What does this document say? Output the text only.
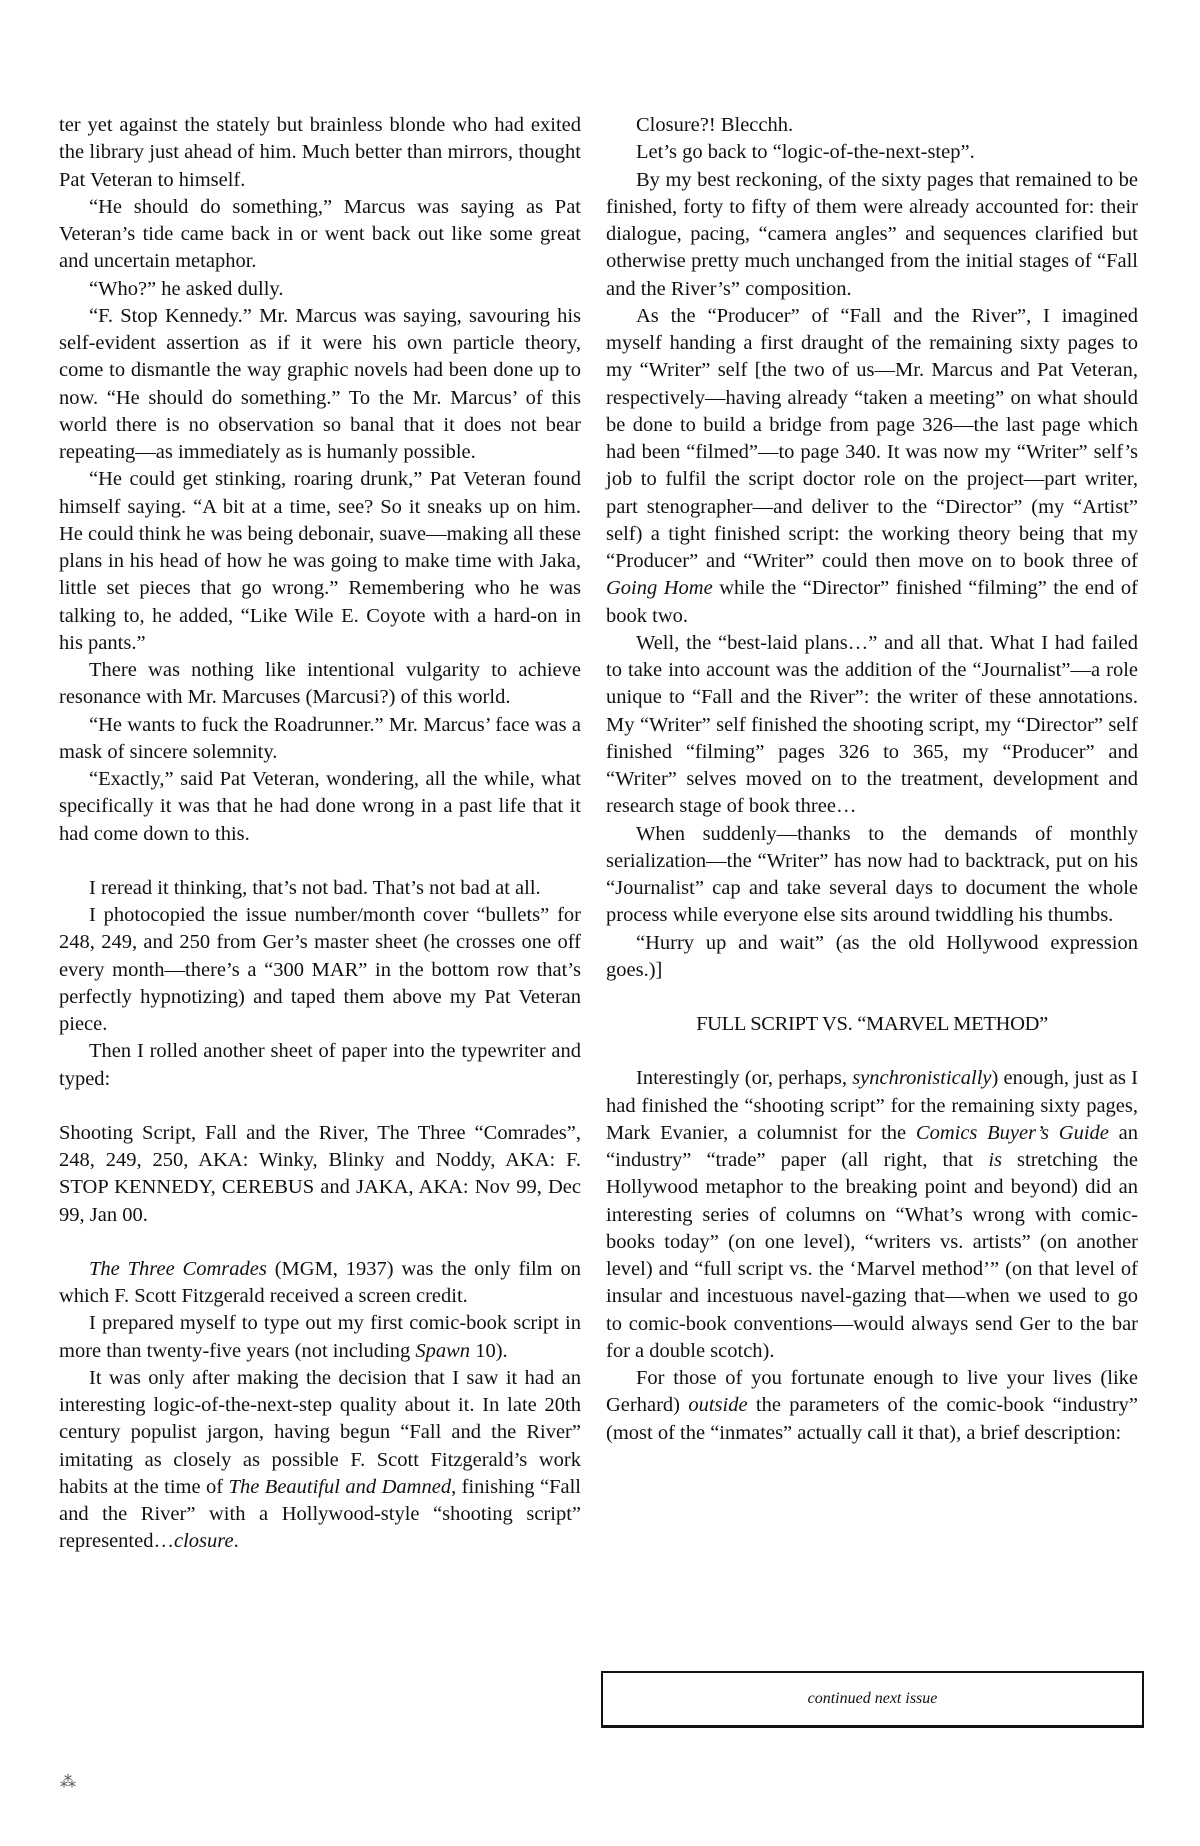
ter yet against the stately but brainless blonde who had exited the library just ahead of him. Much better than mirrors, thought Pat Veteran to himself.

“He should do something,” Marcus was saying as Pat Veteran’s tide came back in or went back out like some great and uncertain metaphor.

“Who?” he asked dully.

“F. Stop Kennedy.” Mr. Marcus was saying, savouring his self-evident assertion as if it were his own particle theory, come to dismantle the way graphic novels had been done up to now. “He should do something.” To the Mr. Marcus’ of this world there is no observation so banal that it does not bear repeating—as immediately as is humanly possible.

“He could get stinking, roaring drunk,” Pat Veteran found himself saying. “A bit at a time, see? So it sneaks up on him. He could think he was being debonair, suave—making all these plans in his head of how he was going to make time with Jaka, little set pieces that go wrong.” Remembering who he was talking to, he added, “Like Wile E. Coyote with a hard-on in his pants.”

There was nothing like intentional vulgarity to achieve resonance with Mr. Marcuses (Marcusi?) of this world.

“He wants to fuck the Roadrunner.” Mr. Marcus’ face was a mask of sincere solemnity.

“Exactly,” said Pat Veteran, wondering, all the while, what specifically it was that he had done wrong in a past life that it had come down to this.

I reread it thinking, that’s not bad. That’s not bad at all.

I photocopied the issue number/month cover “bullets” for 248, 249, and 250 from Ger’s master sheet (he crosses one off every month—there’s a “300 MAR” in the bottom row that’s perfectly hypnotizing) and taped them above my Pat Veteran piece.

Then I rolled another sheet of paper into the typewriter and typed:

Shooting Script, Fall and the River, The Three “Comrades”, 248, 249, 250, AKA: Winky, Blinky and Noddy, AKA: F. STOP KENNEDY, CEREBUS and JAKA, AKA: Nov 99, Dec 99, Jan 00.

The Three Comrades (MGM, 1937) was the only film on which F. Scott Fitzgerald received a screen credit.

I prepared myself to type out my first comic-book script in more than twenty-five years (not including Spawn 10).

It was only after making the decision that I saw it had an interesting logic-of-the-next-step quality about it. In late 20th century populist jargon, having begun “Fall and the River” imitating as closely as possible F. Scott Fitzgerald’s work habits at the time of The Beautiful and Damned, finishing “Fall and the River” with a Hollywood-style “shooting script” represented…closure.

Closure?! Blecchh.

Let’s go back to “logic-of-the-next-step”.

By my best reckoning, of the sixty pages that remained to be finished, forty to fifty of them were already accounted for: their dialogue, pacing, “camera angles” and sequences clarified but otherwise pretty much unchanged from the initial stages of “Fall and the River’s” composition.

As the “Producer” of “Fall and the River”, I imagined myself handing a first draught of the remaining sixty pages to my “Writer” self [the two of us—Mr. Marcus and Pat Veteran, respectively—having already “taken a meeting” on what should be done to build a bridge from page 326—the last page which had been “filmed”—to page 340. It was now my “Writer” self’s job to fulfil the script doctor role on the project—part writer, part stenographer—and deliver to the “Director” (my “Artist” self) a tight finished script: the working theory being that my “Producer” and “Writer” could then move on to book three of Going Home while the “Director” finished “filming” the end of book two.

Well, the “best-laid plans…” and all that. What I had failed to take into account was the addition of the “Journalist”—a role unique to “Fall and the River”: the writer of these annotations. My “Writer” self finished the shooting script, my “Director” self finished “filming” pages 326 to 365, my “Producer” and “Writer” selves moved on to the treatment, development and research stage of book three…

When suddenly—thanks to the demands of monthly serialization—the “Writer” has now had to backtrack, put on his “Journalist” cap and take several days to document the whole process while everyone else sits around twiddling his thumbs.

“Hurry up and wait” (as the old Hollywood expression goes.)]

FULL SCRIPT VS. “MARVEL METHOD”

Interestingly (or, perhaps, synchronistically) enough, just as I had finished the “shooting script” for the remaining sixty pages, Mark Evanier, a columnist for the Comics Buyer’s Guide an “industry” “trade” paper (all right, that is stretching the Hollywood metaphor to the breaking point and beyond) did an interesting series of columns on “What’s wrong with comic-books today” (on one level), “writers vs. artists” (on another level) and “full script vs. the ‘Marvel method’” (on that level of insular and incestuous navel-gazing that—when we used to go to comic-book conventions—would always send Ger to the bar for a double scotch).

For those of you fortunate enough to live your lives (like Gerhard) outside the parameters of the comic-book “industry” (most of the “inmates” actually call it that), a brief description:

continued next issue
⁂
